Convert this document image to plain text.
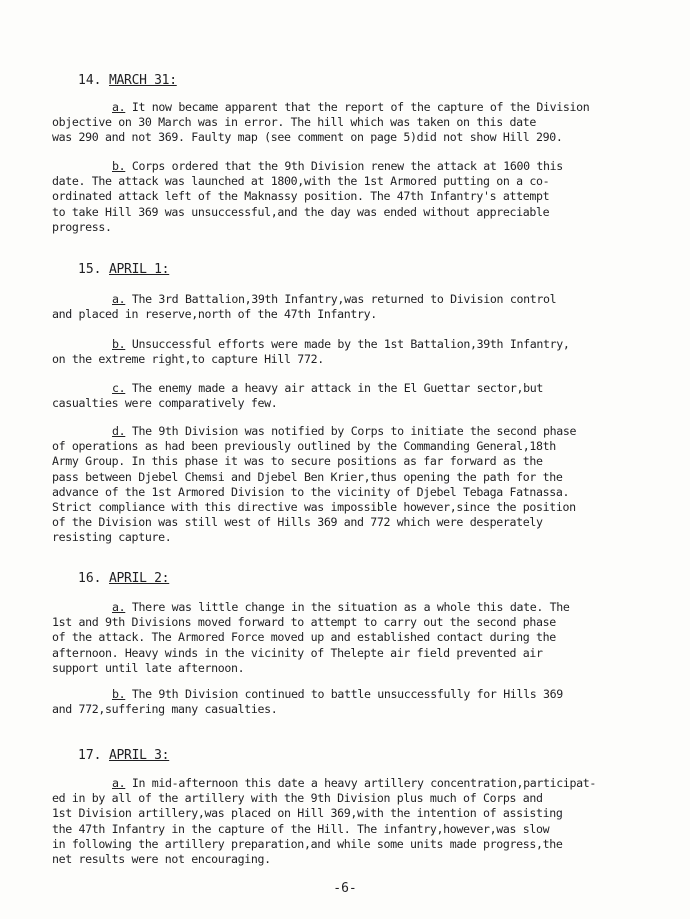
14. MARCH 31:
a. It now became apparent that the report of the capture of the Division
objective on 30 March was in error. The hill which was taken on this date
was 290 and not 369. Faulty map (see comment on page 5)did not show Hill 290.
b. Corps ordered that the 9th Division renew the attack at 1600 this
date. The attack was launched at 1800,with the 1st Armored putting on a co-
ordinated attack left of the Maknassy position. The 47th Infantry's attempt
to take Hill 369 was unsuccessful,and the day was ended without appreciable
progress.
15. APRIL 1:
a. The 3rd Battalion,39th Infantry,was returned to Division control
and placed in reserve,north of the 47th Infantry.
b. Unsuccessful efforts were made by the 1st Battalion,39th Infantry,
on the extreme right,to capture Hill 772.
c. The enemy made a heavy air attack in the El Guettar sector,but
casualties were comparatively few.
d. The 9th Division was notified by Corps to initiate the second phase
of operations as had been previously outlined by the Commanding General,18th
Army Group. In this phase it was to secure positions as far forward as the
pass between Djebel Chemsi and Djebel Ben Krier,thus opening the path for the
advance of the 1st Armored Division to the vicinity of Djebel Tebaga Fatnassa.
Strict compliance with this directive was impossible however,since the position
of the Division was still west of Hills 369 and 772 which were desperately
resisting capture.
16. APRIL 2:
a. There was little change in the situation as a whole this date. The
1st and 9th Divisions moved forward to attempt to carry out the second phase
of the attack. The Armored Force moved up and established contact during the
afternoon. Heavy winds in the vicinity of Thelepte air field prevented air
support until late afternoon.
b. The 9th Division continued to battle unsuccessfully for Hills 369
and 772,suffering many casualties.
17. APRIL 3:
a. In mid-afternoon this date a heavy artillery concentration,participat-
ed in by all of the artillery with the 9th Division plus much of Corps and
1st Division artillery,was placed on Hill 369,with the intention of assisting
the 47th Infantry in the capture of the Hill. The infantry,however,was slow
in following the artillery preparation,and while some units made progress,the
net results were not encouraging.
-6-
